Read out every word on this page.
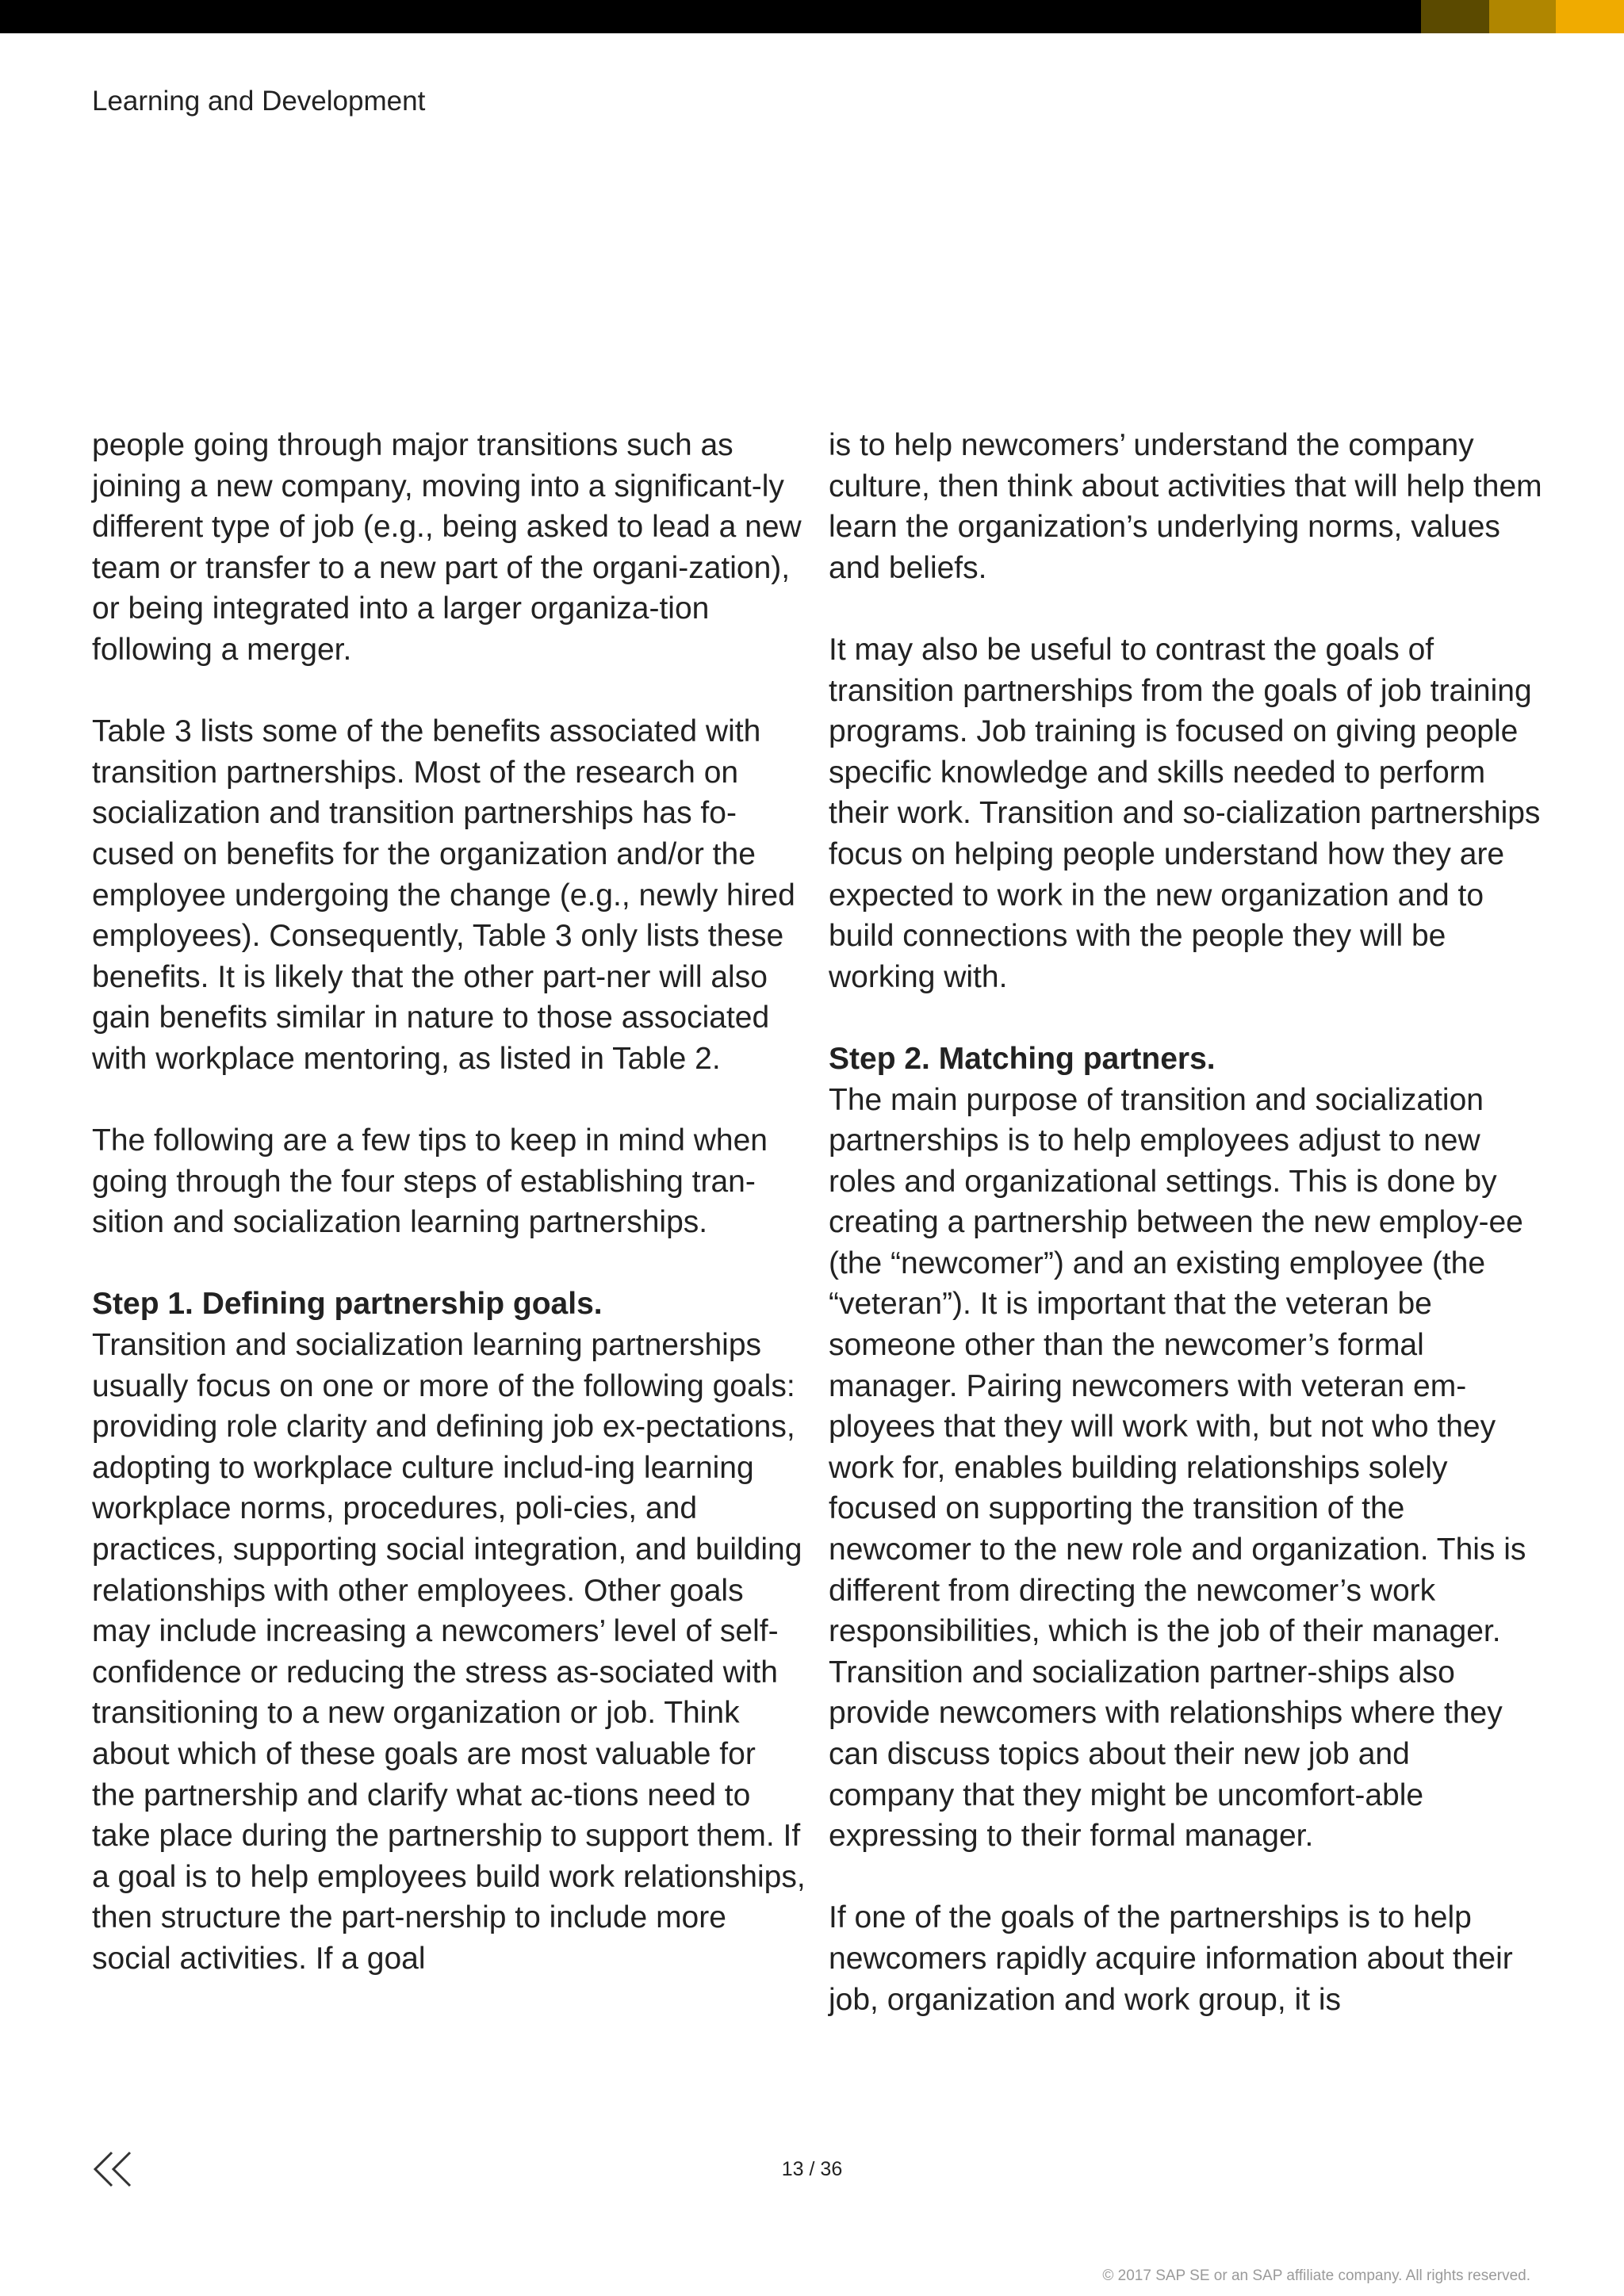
Learning and Development

people going through major transitions such as joining a new company, moving into a significant-ly different type of job (e.g., being asked to lead a new team or transfer to a new part of the organi-zation), or being integrated into a larger organiza-tion following a merger.

Table 3 lists some of the benefits associated with transition partnerships. Most of the research on socialization and transition partnerships has fo-cused on benefits for the organization and/or the employee undergoing the change (e.g., newly hired employees). Consequently, Table 3 only lists these benefits. It is likely that the other part-ner will also gain benefits similar in nature to those associated with workplace mentoring, as listed in Table 2.

The following are a few tips to keep in mind when going through the four steps of establishing tran-sition and socialization learning partnerships.

Step 1. Defining partnership goals.
Transition and socialization learning partnerships usually focus on one or more of the following goals: providing role clarity and defining job ex-pectations, adopting to workplace culture includ-ing learning workplace norms, procedures, poli-cies, and practices, supporting social integration, and building relationships with other employees. Other goals may include increasing a newcomers’ level of self-confidence or reducing the stress as-sociated with transitioning to a new organization or job. Think about which of these goals are most valuable for the partnership and clarify what ac-tions need to take place during the partnership to support them. If a goal is to help employees build work relationships, then structure the part-nership to include more social activities. If a goal

is to help newcomers’ understand the company culture, then think about activities that will help them learn the organization’s underlying norms, values and beliefs.

It may also be useful to contrast the goals of transition partnerships from the goals of job training programs. Job training is focused on giving people specific knowledge and skills needed to perform their work. Transition and so-cialization partnerships focus on helping people understand how they are expected to work in the new organization and to build connections with the people they will be working with.

Step 2. Matching partners.
The main purpose of transition and socialization partnerships is to help employees adjust to new roles and organizational settings. This is done by creating a partnership between the new employ-ee (the “newcomer”) and an existing employee (the “veteran”). It is important that the veteran be someone other than the newcomer’s formal manager. Pairing newcomers with veteran em-ployees that they will work with, but not who they work for, enables building relationships solely focused on supporting the transition of the newcomer to the new role and organization. This is different from directing the newcomer’s work responsibilities, which is the job of their manager. Transition and socialization partner-ships also provide newcomers with relationships where they can discuss topics about their new job and company that they might be uncomfort-able expressing to their formal manager.

If one of the goals of the partnerships is to help newcomers rapidly acquire information about their job, organization and work group, it is

13 / 36
© 2017 SAP SE or an SAP affiliate company. All rights reserved.
